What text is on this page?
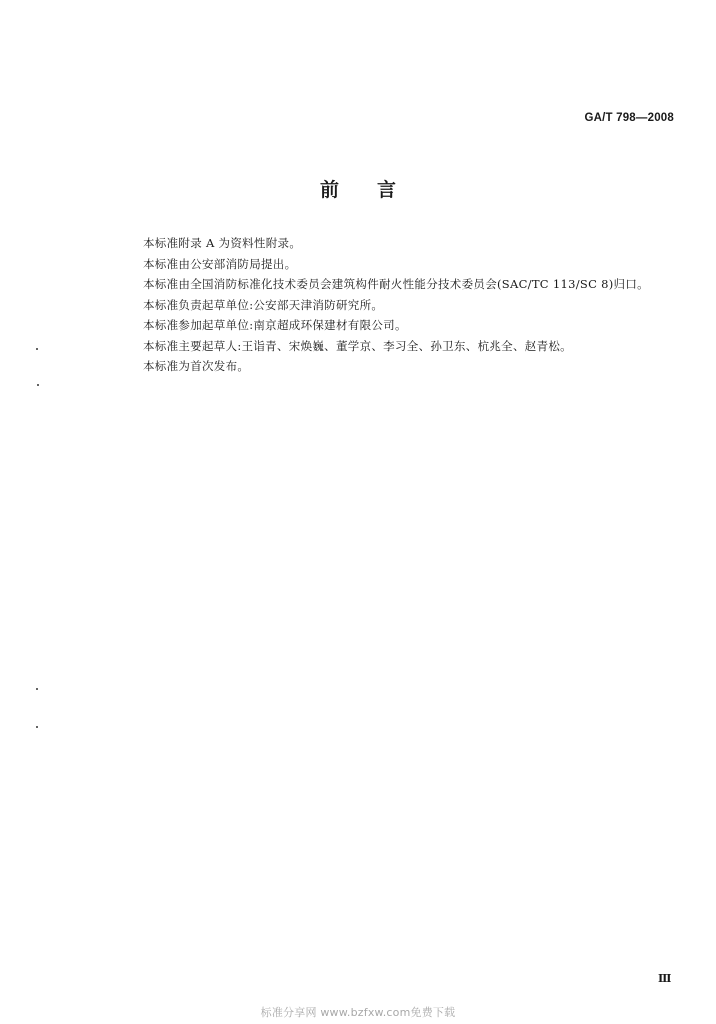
GA/T 798—2008
前 言
本标准附录 A 为资料性附录。
本标准由公安部消防局提出。
本标准由全国消防标准化技术委员会建筑构件耐火性能分技术委员会(SAC/TC 113/SC 8)归口。
本标准负责起草单位:公安部天津消防研究所。
本标准参加起草单位:南京超成环保建材有限公司。
本标准主要起草人:王诣青、宋焕巍、董学京、李习全、孙卫东、杭兆全、赵青松。
本标准为首次发布。
Ⅲ
标准分享网 www.bzfxw.com免费下载
